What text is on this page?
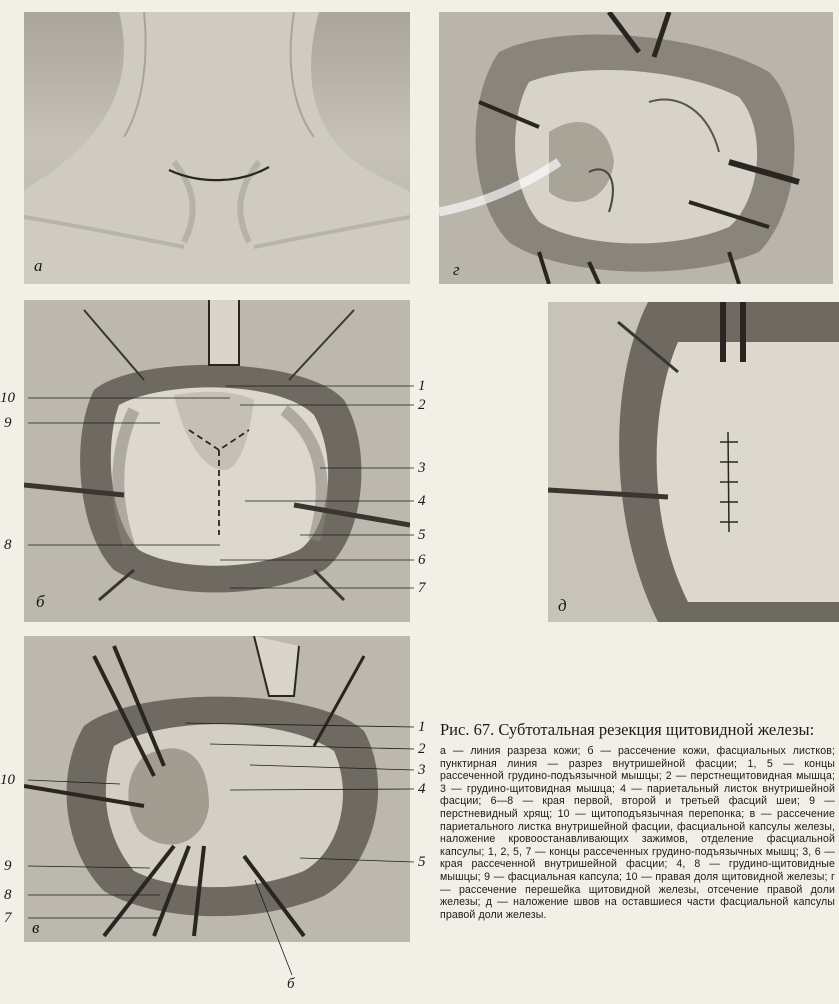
а	г
б	д
в
1
2
3
4
5
6
7
8
9
10
1
2
3
4
5
7
8
9
10
б

Рис. 67. Субтотальная резекция щитовидной железы:

а — линия разреза кожи; б — рассечение кожи, фасциальных листков; пунктирная линия — разрез внутришейной фасции; 1, 5 — концы рассеченной грудино-подъязычной мышцы; 2 — перстнещитовидная мышца; 3 — грудино-щитовидная мышца; 4 — париетальный листок внутришейной фасции; 6—8 — края первой, второй и третьей фасций шеи; 9 — перстневидный хрящ; 10 — щитоподъязычная перепонка; в — рассечение париетального листка внутришейной фасции, фасциальной капсулы железы, наложение кровоостанавливающих зажимов, отделение фасциальной капсулы; 1, 2, 5, 7 — концы рассеченных грудино-подъязычных мышц; 3, 6 — края рассеченной внутришейной фасции; 4, 8 — грудино-щитовидные мышцы; 9 — фасциальная капсула; 10 — правая доля щитовидной железы; г — рассечение перешейка щитовидной железы, отсечение правой доли железы; д — наложение швов на оставшиеся части фасциальной капсулы правой доли железы.
